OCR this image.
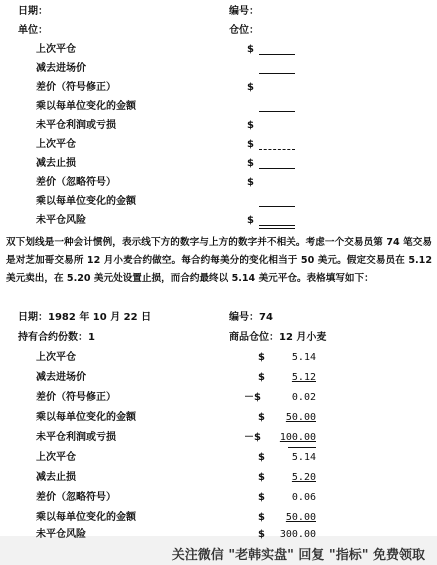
日期：	编号：
单位：	仓位：
上次平仓	$
减去进场价
差价（符号修正）	$
乘以每单位变化的金额
未平仓利润或亏损	$
上次平仓	$
减去止损	$
差价（忽略符号）	$
乘以每单位变化的金额
未平仓风险	$
双下划线是一种会计惯例，表示线下方的数字与上方的数字并不相关。考虑一个交易员第 74 笔交易是对芝加哥交易所 12 月小麦合约做空。每合约每美分的变化相当于 50 美元。假定交易员在 5.12 美元卖出，在 5.20 美元处设置止损，而合约最终以 5.14 美元平仓。表格填写如下：
日期：1982 年 10 月 22 日	编号：74
持有合约份数：1	商品仓位：12 月小麦
上次平仓	$	5.14
减去进场价	$	5.12
差价（符号修正）	－$	0.02
乘以每单位变化的金额	$	50.00
未平仓利润或亏损	－$	100.00
上次平仓	$	5.14
减去止损	$	5.20
差价（忽略符号）	$	0.06
乘以每单位变化的金额	$	50.00
未平仓风险	$	300.00
关注微信 "老韩实盘" 回复 "指标" 免费领取
